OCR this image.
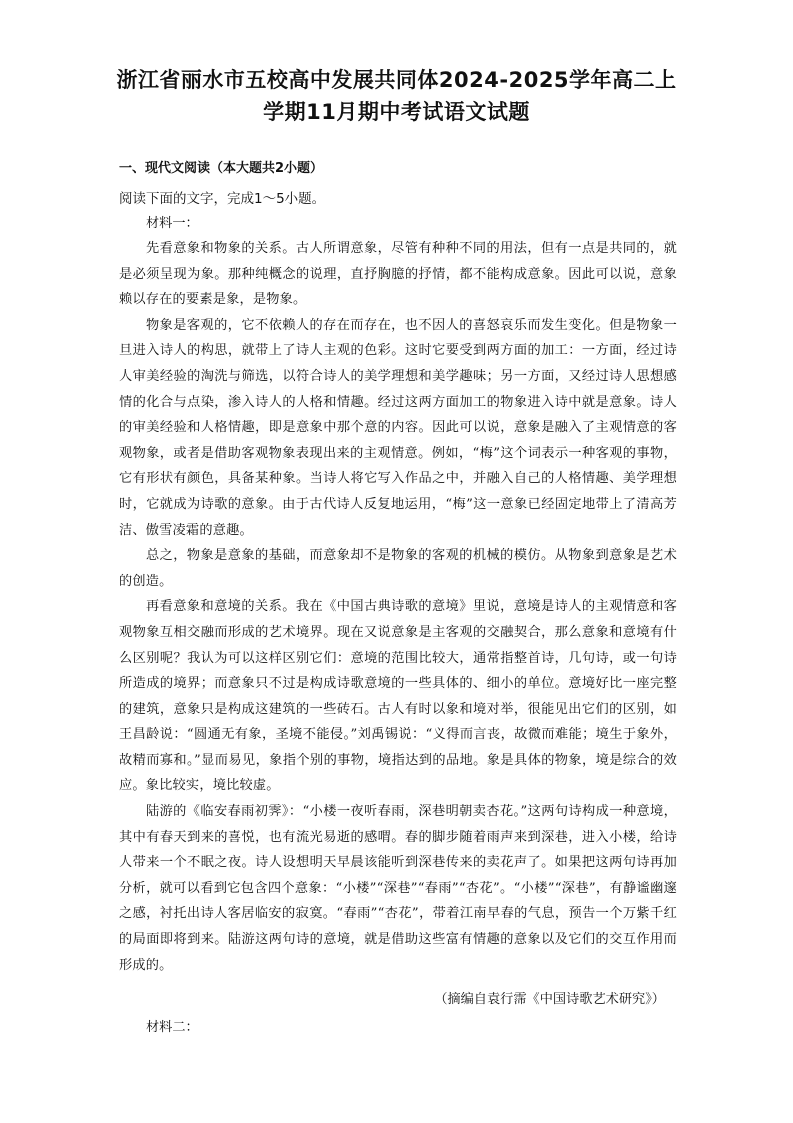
浙江省丽水市五校高中发展共同体2024-2025学年高二上
学期11月期中考试语文试题
一、现代文阅读（本大题共2小题）
阅读下面的文字，完成1～5小题。
材料一：

先看意象和物象的关系。古人所谓意象，尽管有种种不同的用法，但有一点是共同的，就是必须呈现为象。那种纯概念的说理，直抒胸臆的抒情，都不能构成意象。因此可以说，意象赖以存在的要素是象，是物象。

物象是客观的，它不依赖人的存在而存在，也不因人的喜怒哀乐而发生变化。但是物象一旦进入诗人的构思，就带上了诗人主观的色彩。这时它要受到两方面的加工：一方面，经过诗人审美经验的淘洗与筛选，以符合诗人的美学理想和美学趣味；另一方面，又经过诗人思想感情的化合与点染，渗入诗人的人格和情趣。经过这两方面加工的物象进入诗中就是意象。诗人的审美经验和人格情趣，即是意象中那个意的内容。因此可以说，意象是融入了主观情意的客观物象，或者是借助客观物象表现出来的主观情意。例如，“梅”这个词表示一种客观的事物，它有形状有颜色，具备某种象。当诗人将它写入作品之中，并融入自己的人格情趣、美学理想时，它就成为诗歌的意象。由于古代诗人反复地运用，“梅”这一意象已经固定地带上了清高芳洁、傲雪凌霜的意趣。

总之，物象是意象的基础，而意象却不是物象的客观的机械的模仿。从物象到意象是艺术的创造。

再看意象和意境的关系。我在《中国古典诗歌的意境》里说，意境是诗人的主观情意和客观物象互相交融而形成的艺术境界。现在又说意象是主客观的交融契合，那么意象和意境有什么区别呢？我认为可以这样区别它们：意境的范围比较大，通常指整首诗，几句诗，或一句诗所造成的境界；而意象只不过是构成诗歌意境的一些具体的、细小的单位。意境好比一座完整的建筑，意象只是构成这建筑的一些砖石。古人有时以象和境对举，很能见出它们的区别，如王昌龄说：“圆通无有象，圣境不能侵。”刘禹锡说：“义得而言丧，故微而难能；境生于象外，故精而寡和。”显而易见，象指个别的事物，境指达到的品地。象是具体的物象，境是综合的效应。象比较实，境比较虚。

陆游的《临安春雨初霁》：“小楼一夜听春雨，深巷明朝卖杏花。”这两句诗构成一种意境，其中有春天到来的喜悦，也有流光易逝的感喟。春的脚步随着雨声来到深巷，进入小楼，给诗人带来一个不眠之夜。诗人设想明天早晨该能听到深巷传来的卖花声了。如果把这两句诗再加分析，就可以看到它包含四个意象：“小楼”“深巷”“春雨”“杏花”。“小楼”“深巷”，有静谧幽邃之感，衬托出诗人客居临安的寂寞。“春雨”“杏花”，带着江南早春的气息，预告一个万紫千红的局面即将到来。陆游这两句诗的意境，就是借助这些富有情趣的意象以及它们的交互作用而形成的。

（摘编自袁行霈《中国诗歌艺术研究》）
材料二：
